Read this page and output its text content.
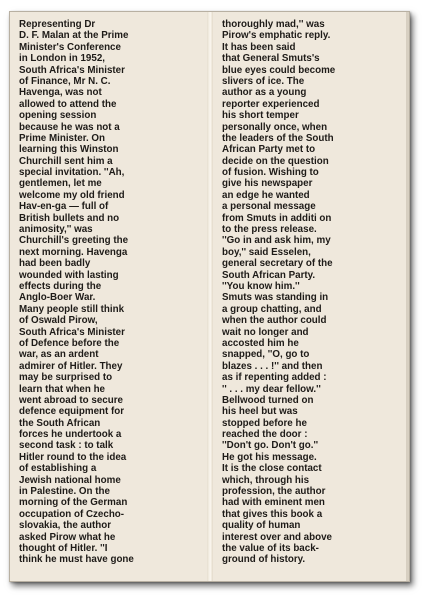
Representing Dr
D. F. Malan at the Prime
Minister's Conference
in London in 1952,
South Africa's Minister
of Finance, Mr N. C.
Havenga, was not
allowed to attend the
opening session
because he was not a
Prime Minister. On
learning this Winston
Churchill sent him a
special invitation. ''Ah,
gentlemen, let me
welcome my old friend
Hav-en-ga — full of
British bullets and no
animosity,'' was
Churchill's greeting the
next morning. Havenga
had been badly
wounded with lasting
effects during the
Anglo-Boer War.
Many people still think
of Oswald Pirow,
South Africa's Minister
of Defence before the
war, as an ardent
admirer of Hitler. They
may be surprised to
learn that when he
went abroad to secure
defence equipment for
the South African
forces he undertook a
second task : to talk
Hitler round to the idea
of establishing a
Jewish national home
in Palestine. On the
morning of the German
occupation of Czecho-
slovakia, the author
asked Pirow what he
thought of Hitler. ''I
think he must have gone
thoroughly mad,'' was
Pirow's emphatic reply.
It has been said
that General Smuts's
blue eyes could become
slivers of ice. The
author as a young
reporter experienced
his short temper
personally once, when
the leaders of the South
African Party met to
decide on the question
of fusion. Wishing to
give his newspaper
an edge he wanted
a personal message
from Smuts in additi on
to the press release.
''Go in and ask him, my
boy,'' said Esselen,
general secretary of the
South African Party.
''You know him.''
Smuts was standing in
a group chatting, and
when the author could
wait no longer and
accosted him he
snapped, ''O, go to
blazes . . . !'' and then
as if repenting added :
'' . . . my dear fellow.''
Bellwood turned on
his heel but was
stopped before he
reached the door :
''Don't go. Don't go.''
He got his message.
It is the close contact
which, through his
profession, the author
had with eminent men
that gives this book a
quality of human
interest over and above
the value of its back-
ground of history.
